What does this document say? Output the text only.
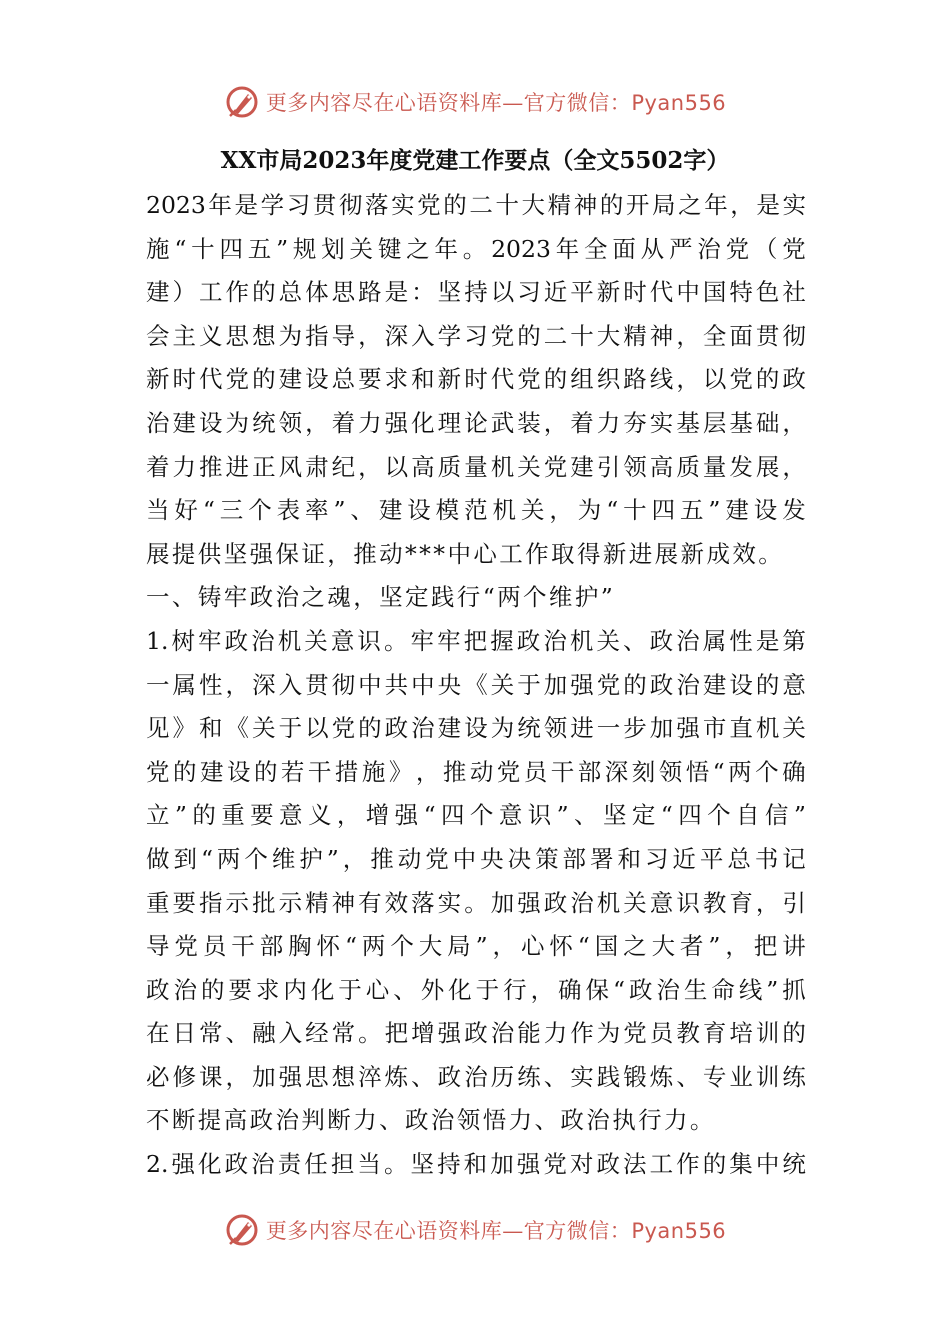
更多内容尽在心语资料库—官方微信：Pyan556
XX市局2023年度党建工作要点（全文5502字）
2023 年 是 学 习 贯 彻 落 实 党 的 二 十 大 精 神 的 开 局 之 年 ， 是 实
施 “ 十 四 五 ” 规 划 关 键 之 年 。 2023 年 全 面 从 严 治 党 （ 党
建 ） 工 作 的 总 体 思 路 是 ： 坚 持 以 习 近 平 新 时 代 中 国 特 色 社
会 主 义 思 想 为 指 导 ， 深 入 学 习 党 的 二 十 大 精 神 ， 全 面 贯 彻
新 时 代 党 的 建 设 总 要 求 和 新 时 代 党 的 组 织 路 线 ， 以 党 的 政
治 建 设 为 统 领 ， 着 力 强 化 理 论 武 装 ， 着 力 夯 实 基 层 基 础 ，
着 力 推 进 正 风 肃 纪 ， 以 高 质 量 机 关 党 建 引 领 高 质 量 发 展 ，
当 好 “ 三 个 表 率 ” 、 建 设 模 范 机 关 ， 为 “ 十 四 五 ” 建 设 发
展提供坚强保证，推动***中心工作取得新进展新成效。
一、铸牢政治之魂，坚定践行“两个维护”
1. 树 牢 政 治 机 关 意 识 。 牢 牢 把 握 政 治 机 关 、 政 治 属 性 是 第
一 属 性 ， 深 入 贯 彻 中 共 中 央 《 关 于 加 强 党 的 政 治 建 设 的 意
见 》 和 《 关 于 以 党 的 政 治 建 设 为 统 领 进 一 步 加 强 市 直 机 关
党 的 建 设 的 若 干 措 施 》 ， 推 动 党 员 干 部 深 刻 领 悟 “ 两 个 确
立 ” 的 重 要 意 义 ， 增 强 “ 四 个 意 识 ” 、 坚 定 “ 四 个 自 信 ”
做 到 “ 两 个 维 护 ” ， 推 动 党 中 央 决 策 部 署 和 习 近 平 总 书 记
重 要 指 示 批 示 精 神 有 效 落 实 。 加 强 政 治 机 关 意 识 教 育 ， 引
导 党 员 干 部 胸 怀 “ 两 个 大 局 ” ， 心 怀 “ 国 之 大 者 ” ， 把 讲
政 治 的 要 求 内 化 于 心 、 外 化 于 行 ， 确 保 “ 政 治 生 命 线 ” 抓
在 日 常 、 融 入 经 常 。 把 增 强 政 治 能 力 作 为 党 员 教 育 培 训 的
必 修 课 ， 加 强 思 想 淬 炼 、 政 治 历 练 、 实 践 锻 炼 、 专 业 训 练
不断提高政治判断力、政治领悟力、政治执行力。
2. 强 化 政 治 责 任 担 当 。 坚 持 和 加 强 党 对 政 法 工 作 的 集 中 统
更多内容尽在心语资料库—官方微信：Pyan556
